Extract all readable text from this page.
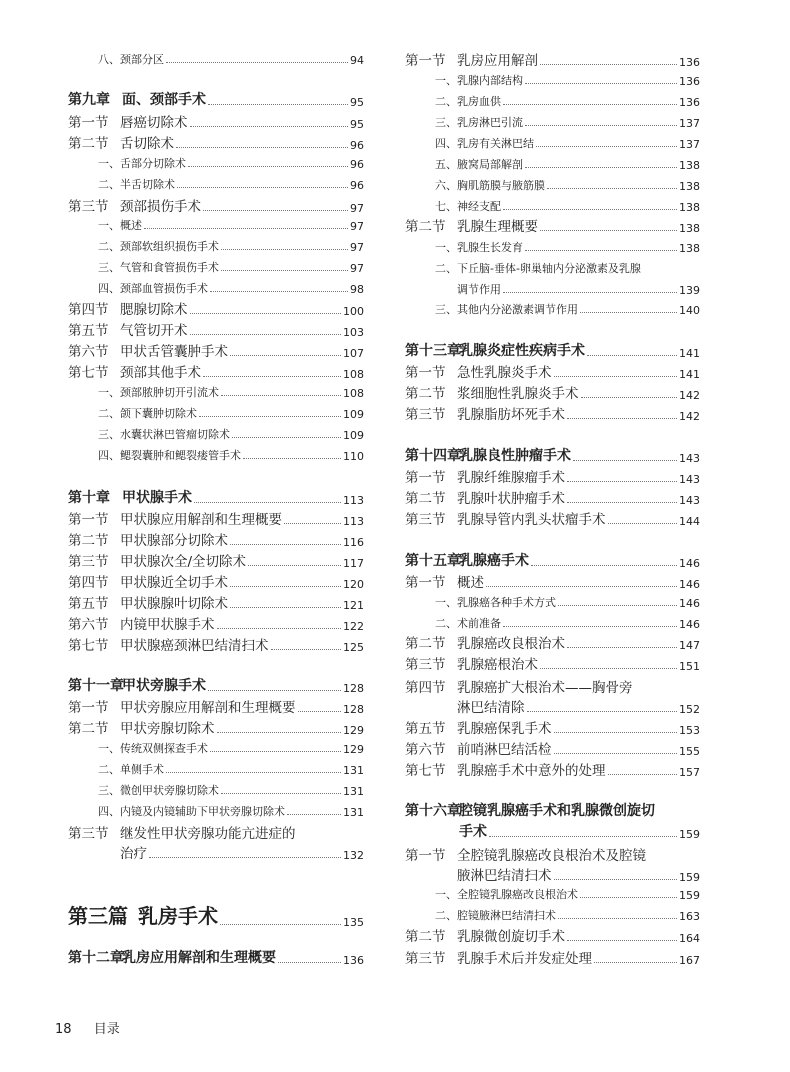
八、 颈部分区	94
第九章 面、颈部手术	95
第一节 唇癌切除术	95
第二节 舌切除术	96
一、 舌部分切除术	96
二、 半舌切除术	96
第三节 颈部损伤手术	97
一、 概述	97
二、 颈部软组织损伤手术	97
三、 气管和食管损伤手术	97
四、 颈部血管损伤手术	98
第四节 腮腺切除术	100
第五节 气管切开术	103
第六节 甲状舌管囊肿手术	107
第七节 颈部其他手术	108
一、 颈部脓肿切开引流术	108
二、 颌下囊肿切除术	109
三、 水囊状淋巴管瘤切除术	109
四、 鳃裂囊肿和鳃裂瘘管手术	110
第十章 甲状腺手术	113
第一节 甲状腺应用解剖和生理概要	113
第二节 甲状腺部分切除术	116
第三节 甲状腺次全/全切除术	117
第四节 甲状腺近全切手术	120
第五节 甲状腺腺叶切除术	121
第六节 内镜甲状腺手术	122
第七节 甲状腺癌颈淋巴结清扫术	125
第十一章
甲状旁腺手术	128
第一节 甲状旁腺应用解剖和生理概要	128
第二节 甲状旁腺切除术	129
一、 传统双侧探查手术	129
二、 单侧手术	131
三、 微创甲状旁腺切除术	131
四、 内镜及内镜辅助下甲状旁腺切除术	131
第三节 继发性甲状旁腺功能亢进症的
治疗	132
第三篇 乳房手术	135
第十二章
乳房应用解剖和生理概要	136
第一节 乳房应用解剖	136
一、 乳腺内部结构	136
二、 乳房血供	136
三、 乳房淋巴引流	137
四、 乳房有关淋巴结	137
五、 腋窝局部解剖	138
六、 胸肌筋膜与腋筋膜	138
七、 神经支配	138
第二节 乳腺生理概要	138
一、 乳腺生长发育	138
二、 下丘脑-垂体-卵巢轴内分泌激素及乳腺
调节作用	139
三、 其他内分泌激素调节作用	140
第十三章
乳腺炎症性疾病手术	141
第一节 急性乳腺炎手术	141
第二节 浆细胞性乳腺炎手术	142
第三节 乳腺脂肪坏死手术	142
第十四章
乳腺良性肿瘤手术	143
第一节 乳腺纤维腺瘤手术	143
第二节 乳腺叶状肿瘤手术	143
第三节 乳腺导管内乳头状瘤手术	144
第十五章
乳腺癌手术	146
第一节 概述	146
一、 乳腺癌各种手术方式	146
二、 术前准备	146
第二节 乳腺癌改良根治术	147
第三节 乳腺癌根治术	151
第四节 乳腺癌扩大根治术——胸骨旁
淋巴结清除	152
第五节 乳腺癌保乳手术	153
第六节 前哨淋巴结活检	155
第七节 乳腺癌手术中意外的处理	157
第十六章
腔镜乳腺癌手术和乳腺微创旋切
手术	159
第一节 全腔镜乳腺癌改良根治术及腔镜
腋淋巴结清扫术	159
一、 全腔镜乳腺癌改良根治术	159
二、 腔镜腋淋巴结清扫术	163
第二节 乳腺微创旋切手术	164
第三节 乳腺手术后并发症处理	167
18 目录
